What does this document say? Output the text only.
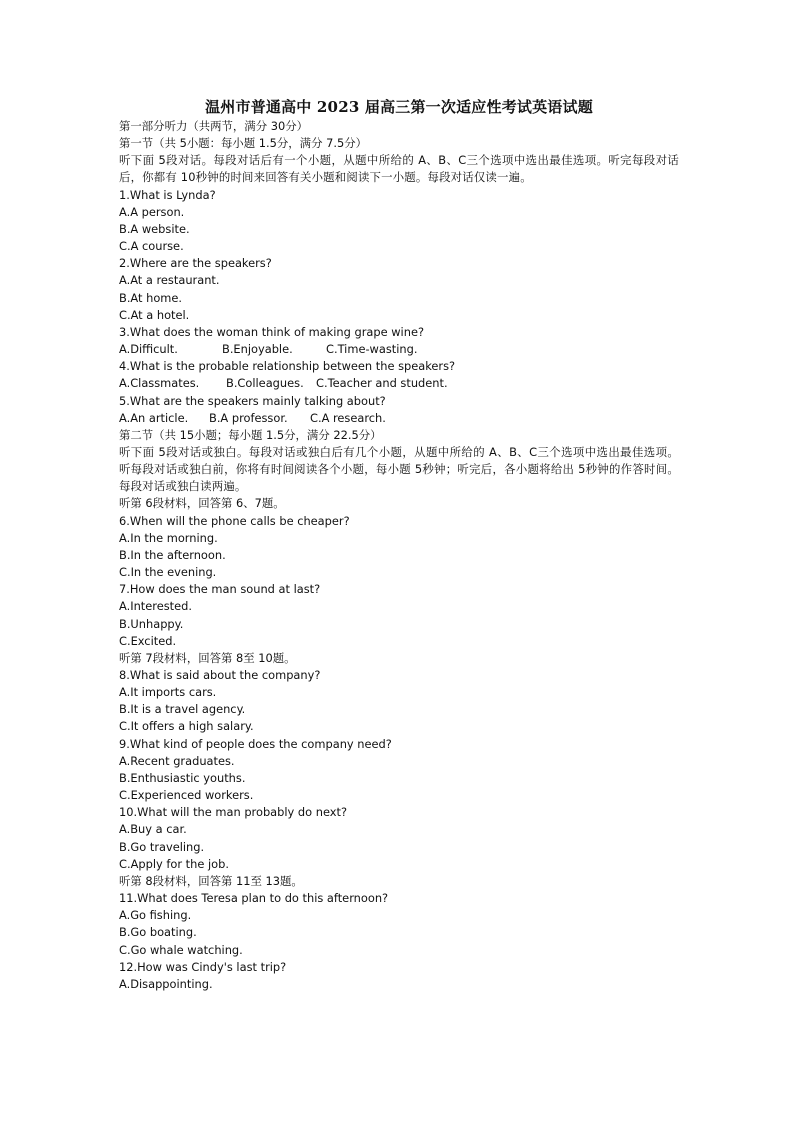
温州市普通高中 2023 届高三第一次适应性考试英语试题
第一部分听力（共两节，满分 30分）
第一节（共 5小题：每小题 1.5分，满分 7.5分）
听下面 5段对话。每段对话后有一个小题，从题中所给的 A、B、C三个选项中选出最佳选项。听完每段对话后，你都有 10秒钟的时间来回答有关小题和阅读下一小题。每段对话仅读一遍。
1.What is Lynda?
A.A person.
B.A website.
C.A course.
2.Where are the speakers?
A.At a restaurant.
B.At home.
C.At a hotel.
3.What does the woman think of making grape wine?
A.Difficult.	B.Enjoyable.	C.Time-wasting.
4.What is the probable relationship between the speakers?
A.Classmates.	B.Colleagues.	C.Teacher and student.
5.What are the speakers mainly talking about?
A.An article.	B.A professor.	C.A research.
第二节（共 15小题；每小题 1.5分，满分 22.5分）
听下面 5段对话或独白。每段对话或独白后有几个小题，从题中所给的 A、B、C三个选项中选出最佳选项。听每段对话或独白前，你将有时间阅读各个小题，每小题 5秒钟；听完后，各小题将给出 5秒钟的作答时间。每段对话或独白读两遍。
听第 6段材料，回答第 6、7题。
6.When will the phone calls be cheaper?
A.In the morning.
B.In the afternoon.
C.In the evening.
7.How does the man sound at last?
A.Interested.
B.Unhappy.
C.Excited.
听第 7段材料，回答第 8至 10题。
8.What is said about the company?
A.It imports cars.
B.It is a travel agency.
C.It offers a high salary.
9.What kind of people does the company need?
A.Recent graduates.
B.Enthusiastic youths.
C.Experienced workers.
10.What will the man probably do next?
A.Buy a car.
B.Go traveling.
C.Apply for the job.
听第 8段材料，回答第 11至 13题。
11.What does Teresa plan to do this afternoon?
A.Go fishing.
B.Go boating.
C.Go whale watching.
12.How was Cindy's last trip?
A.Disappointing.
